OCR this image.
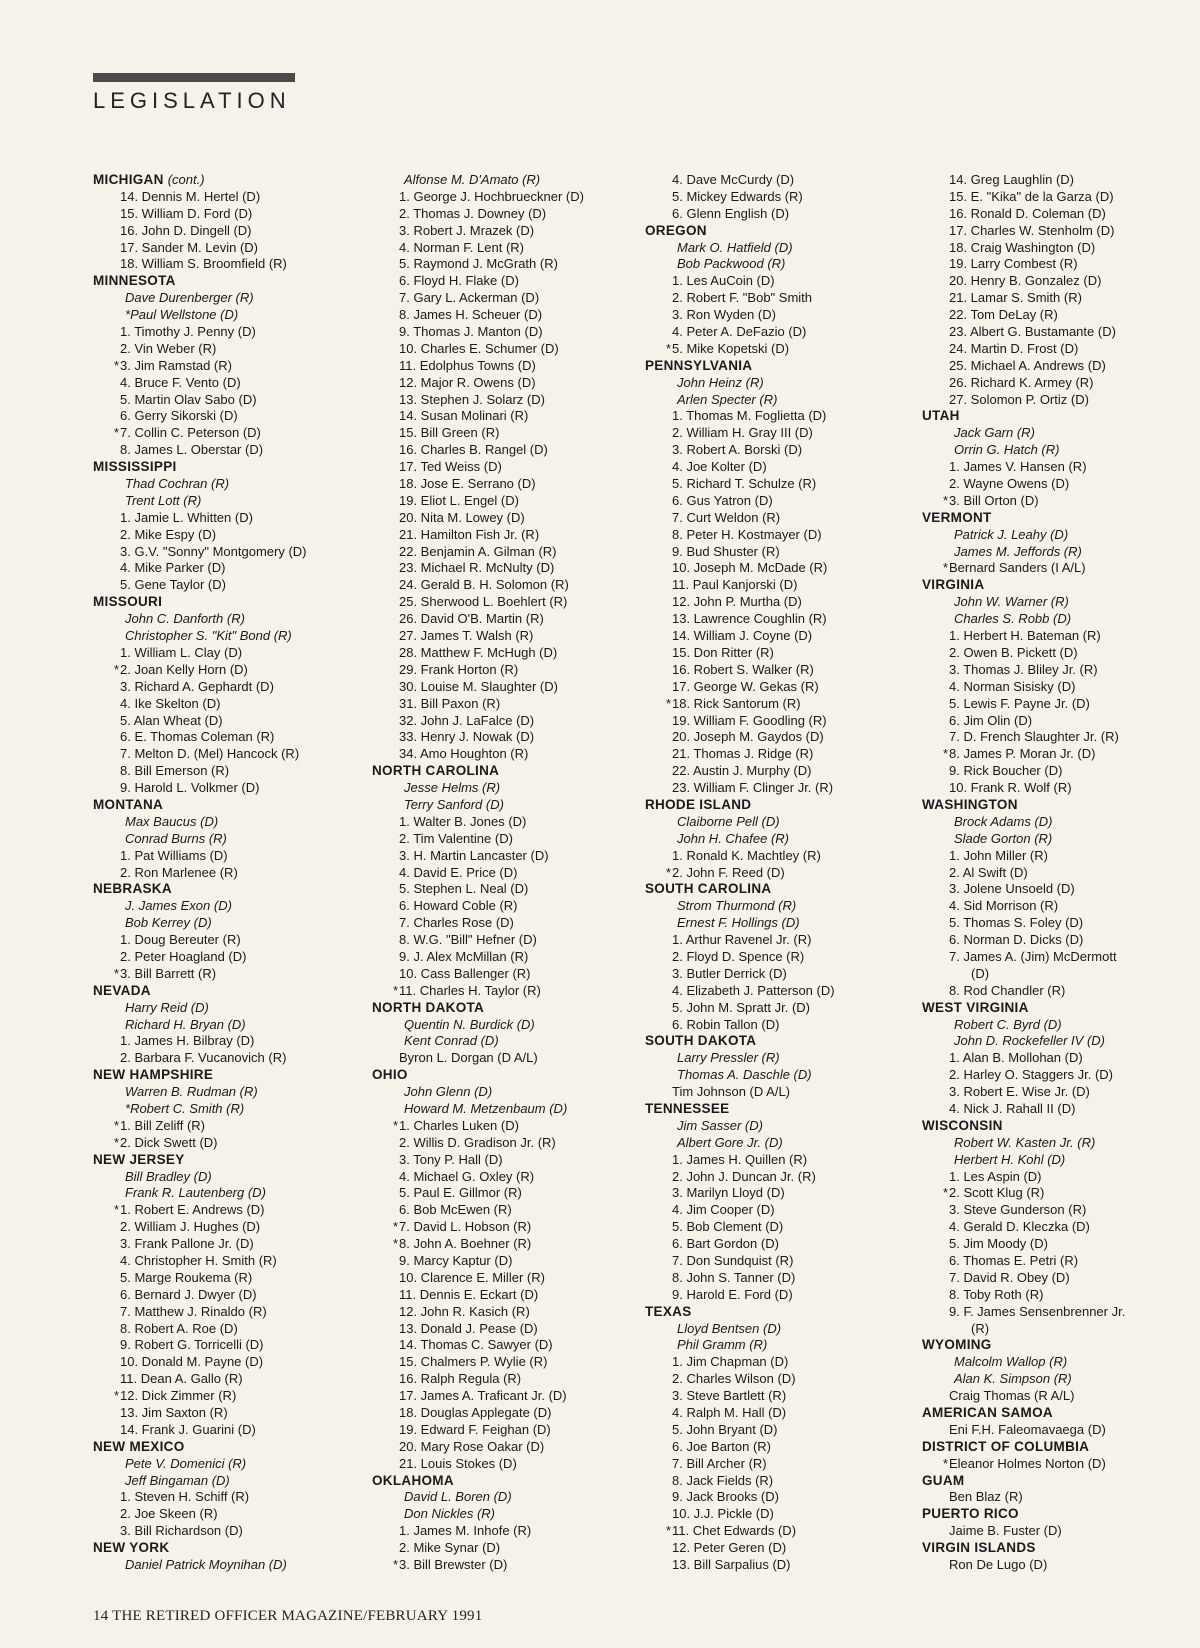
LEGISLATION
MICHIGAN (cont.)
14. Dennis M. Hertel (D)
15. William D. Ford (D)
16. John D. Dingell (D)
17. Sander M. Levin (D)
18. William S. Broomfield (R)
MINNESOTA
Dave Durenberger (R)
*Paul Wellstone (D)
1. Timothy J. Penny (D)
2. Vin Weber (R)
*3. Jim Ramstad (R)
4. Bruce F. Vento (D)
5. Martin Olav Sabo (D)
6. Gerry Sikorski (D)
*7. Collin C. Peterson (D)
8. James L. Oberstar (D)
MISSISSIPPI
Thad Cochran (R)
Trent Lott (R)
1. Jamie L. Whitten (D)
2. Mike Espy (D)
3. G.V. "Sonny" Montgomery (D)
4. Mike Parker (D)
5. Gene Taylor (D)
MISSOURI
John C. Danforth (R)
Christopher S. "Kit" Bond (R)
1. William L. Clay (D)
*2. Joan Kelly Horn (D)
3. Richard A. Gephardt (D)
4. Ike Skelton (D)
5. Alan Wheat (D)
6. E. Thomas Coleman (R)
7. Melton D. (Mel) Hancock (R)
8. Bill Emerson (R)
9. Harold L. Volkmer (D)
MONTANA
Max Baucus (D)
Conrad Burns (R)
1. Pat Williams (D)
2. Ron Marlenee (R)
NEBRASKA
J. James Exon (D)
Bob Kerrey (D)
1. Doug Bereuter (R)
2. Peter Hoagland (D)
*3. Bill Barrett (R)
NEVADA
Harry Reid (D)
Richard H. Bryan (D)
1. James H. Bilbray (D)
2. Barbara F. Vucanovich (R)
NEW HAMPSHIRE
Warren B. Rudman (R)
*Robert C. Smith (R)
*1. Bill Zeliff (R)
*2. Dick Swett (D)
NEW JERSEY
Bill Bradley (D)
Frank R. Lautenberg (D)
*1. Robert E. Andrews (D)
2. William J. Hughes (D)
3. Frank Pallone Jr. (D)
4. Christopher H. Smith (R)
5. Marge Roukema (R)
6. Bernard J. Dwyer (D)
7. Matthew J. Rinaldo (R)
8. Robert A. Roe (D)
9. Robert G. Torricelli (D)
10. Donald M. Payne (D)
11. Dean A. Gallo (R)
*12. Dick Zimmer (R)
13. Jim Saxton (R)
14. Frank J. Guarini (D)
NEW MEXICO
Pete V. Domenici (R)
Jeff Bingaman (D)
1. Steven H. Schiff (R)
2. Joe Skeen (R)
3. Bill Richardson (D)
NEW YORK
Daniel Patrick Moynihan (D)
Alfonse M. D'Amato (R)
1. George J. Hochbrueckner (D)
2. Thomas J. Downey (D)
3. Robert J. Mrazek (D)
4. Norman F. Lent (R)
5. Raymond J. McGrath (R)
6. Floyd H. Flake (D)
7. Gary L. Ackerman (D)
8. James H. Scheuer (D)
9. Thomas J. Manton (D)
10. Charles E. Schumer (D)
11. Edolphus Towns (D)
12. Major R. Owens (D)
13. Stephen J. Solarz (D)
14. Susan Molinari (R)
15. Bill Green (R)
16. Charles B. Rangel (D)
17. Ted Weiss (D)
18. Jose E. Serrano (D)
19. Eliot L. Engel (D)
20. Nita M. Lowey (D)
21. Hamilton Fish Jr. (R)
22. Benjamin A. Gilman (R)
23. Michael R. McNulty (D)
24. Gerald B. H. Solomon (R)
25. Sherwood L. Boehlert (R)
26. David O'B. Martin (R)
27. James T. Walsh (R)
28. Matthew F. McHugh (D)
29. Frank Horton (R)
30. Louise M. Slaughter (D)
31. Bill Paxon (R)
32. John J. LaFalce (D)
33. Henry J. Nowak (D)
34. Amo Houghton (R)
NORTH CAROLINA
Jesse Helms (R)
Terry Sanford (D)
1. Walter B. Jones (D)
2. Tim Valentine (D)
3. H. Martin Lancaster (D)
4. David E. Price (D)
5. Stephen L. Neal (D)
6. Howard Coble (R)
7. Charles Rose (D)
8. W.G. "Bill" Hefner (D)
9. J. Alex McMillan (R)
10. Cass Ballenger (R)
*11. Charles H. Taylor (R)
NORTH DAKOTA
Quentin N. Burdick (D)
Kent Conrad (D)
Byron L. Dorgan (D A/L)
OHIO
John Glenn (D)
Howard M. Metzenbaum (D)
*1. Charles Luken (D)
2. Willis D. Gradison Jr. (R)
3. Tony P. Hall (D)
4. Michael G. Oxley (R)
5. Paul E. Gillmor (R)
6. Bob McEwen (R)
*7. David L. Hobson (R)
*8. John A. Boehner (R)
9. Marcy Kaptur (D)
10. Clarence E. Miller (R)
11. Dennis E. Eckart (D)
12. John R. Kasich (R)
13. Donald J. Pease (D)
14. Thomas C. Sawyer (D)
15. Chalmers P. Wylie (R)
16. Ralph Regula (R)
17. James A. Traficant Jr. (D)
18. Douglas Applegate (D)
19. Edward F. Feighan (D)
20. Mary Rose Oakar (D)
21. Louis Stokes (D)
OKLAHOMA
David L. Boren (D)
Don Nickles (R)
1. James M. Inhofe (R)
2. Mike Synar (D)
*3. Bill Brewster (D)
4. Dave McCurdy (D)
5. Mickey Edwards (R)
6. Glenn English (D)
OREGON
Mark O. Hatfield (D)
Bob Packwood (R)
1. Les AuCoin (D)
2. Robert F. "Bob" Smith
3. Ron Wyden (D)
4. Peter A. DeFazio (D)
*5. Mike Kopetski (D)
PENNSYLVANIA
John Heinz (R)
Arlen Specter (R)
1. Thomas M. Foglietta (D)
2. William H. Gray III (D)
3. Robert A. Borski (D)
4. Joe Kolter (D)
5. Richard T. Schulze (R)
6. Gus Yatron (D)
7. Curt Weldon (R)
8. Peter H. Kostmayer (D)
9. Bud Shuster (R)
10. Joseph M. McDade (R)
11. Paul Kanjorski (D)
12. John P. Murtha (D)
13. Lawrence Coughlin (R)
14. William J. Coyne (D)
15. Don Ritter (R)
16. Robert S. Walker (R)
17. George W. Gekas (R)
*18. Rick Santorum (R)
19. William F. Goodling (R)
20. Joseph M. Gaydos (D)
21. Thomas J. Ridge (R)
22. Austin J. Murphy (D)
23. William F. Clinger Jr. (R)
RHODE ISLAND
Claiborne Pell (D)
John H. Chafee (R)
1. Ronald K. Machtley (R)
*2. John F. Reed (D)
SOUTH CAROLINA
Strom Thurmond (R)
Ernest F. Hollings (D)
1. Arthur Ravenel Jr. (R)
2. Floyd D. Spence (R)
3. Butler Derrick (D)
4. Elizabeth J. Patterson (D)
5. John M. Spratt Jr. (D)
6. Robin Tallon (D)
SOUTH DAKOTA
Larry Pressler (R)
Thomas A. Daschle (D)
Tim Johnson (D A/L)
TENNESSEE
Jim Sasser (D)
Albert Gore Jr. (D)
1. James H. Quillen (R)
2. John J. Duncan Jr. (R)
3. Marilyn Lloyd (D)
4. Jim Cooper (D)
5. Bob Clement (D)
6. Bart Gordon (D)
7. Don Sundquist (R)
8. John S. Tanner (D)
9. Harold E. Ford (D)
TEXAS
Lloyd Bentsen (D)
Phil Gramm (R)
1. Jim Chapman (D)
2. Charles Wilson (D)
3. Steve Bartlett (R)
4. Ralph M. Hall (D)
5. John Bryant (D)
6. Joe Barton (R)
7. Bill Archer (R)
8. Jack Fields (R)
9. Jack Brooks (D)
10. J.J. Pickle (D)
*11. Chet Edwards (D)
12. Peter Geren (D)
13. Bill Sarpalius (D)
14. Greg Laughlin (D)
15. E. "Kika" de la Garza (D)
16. Ronald D. Coleman (D)
17. Charles W. Stenholm (D)
18. Craig Washington (D)
19. Larry Combest (R)
20. Henry B. Gonzalez (D)
21. Lamar S. Smith (R)
22. Tom DeLay (R)
23. Albert G. Bustamante (D)
24. Martin D. Frost (D)
25. Michael A. Andrews (D)
26. Richard K. Armey (R)
27. Solomon P. Ortiz (D)
UTAH
Jack Garn (R)
Orrin G. Hatch (R)
1. James V. Hansen (R)
2. Wayne Owens (D)
*3. Bill Orton (D)
VERMONT
Patrick J. Leahy (D)
James M. Jeffords (R)
*Bernard Sanders (I A/L)
VIRGINIA
John W. Warner (R)
Charles S. Robb (D)
1. Herbert H. Bateman (R)
2. Owen B. Pickett (D)
3. Thomas J. Bliley Jr. (R)
4. Norman Sisisky (D)
5. Lewis F. Payne Jr. (D)
6. Jim Olin (D)
7. D. French Slaughter Jr. (R)
*8. James P. Moran Jr. (D)
9. Rick Boucher (D)
10. Frank R. Wolf (R)
WASHINGTON
Brock Adams (D)
Slade Gorton (R)
1. John Miller (R)
2. Al Swift (D)
3. Jolene Unsoeld (D)
4. Sid Morrison (R)
5. Thomas S. Foley (D)
6. Norman D. Dicks (D)
7. James A. (Jim) McDermott
(D)
8. Rod Chandler (R)
WEST VIRGINIA
Robert C. Byrd (D)
John D. Rockefeller IV (D)
1. Alan B. Mollohan (D)
2. Harley O. Staggers Jr. (D)
3. Robert E. Wise Jr. (D)
4. Nick J. Rahall II (D)
WISCONSIN
Robert W. Kasten Jr. (R)
Herbert H. Kohl (D)
1. Les Aspin (D)
*2. Scott Klug (R)
3. Steve Gunderson (R)
4. Gerald D. Kleczka (D)
5. Jim Moody (D)
6. Thomas E. Petri (R)
7. David R. Obey (D)
8. Toby Roth (R)
9. F. James Sensenbrenner Jr.
(R)
WYOMING
Malcolm Wallop (R)
Alan K. Simpson (R)
Craig Thomas (R A/L)
AMERICAN SAMOA
Eni F.H. Faleomavaega (D)
DISTRICT OF COLUMBIA
*Eleanor Holmes Norton (D)
GUAM
Ben Blaz (R)
PUERTO RICO
Jaime B. Fuster (D)
VIRGIN ISLANDS
Ron De Lugo (D)
14 THE RETIRED OFFICER MAGAZINE/FEBRUARY 1991
